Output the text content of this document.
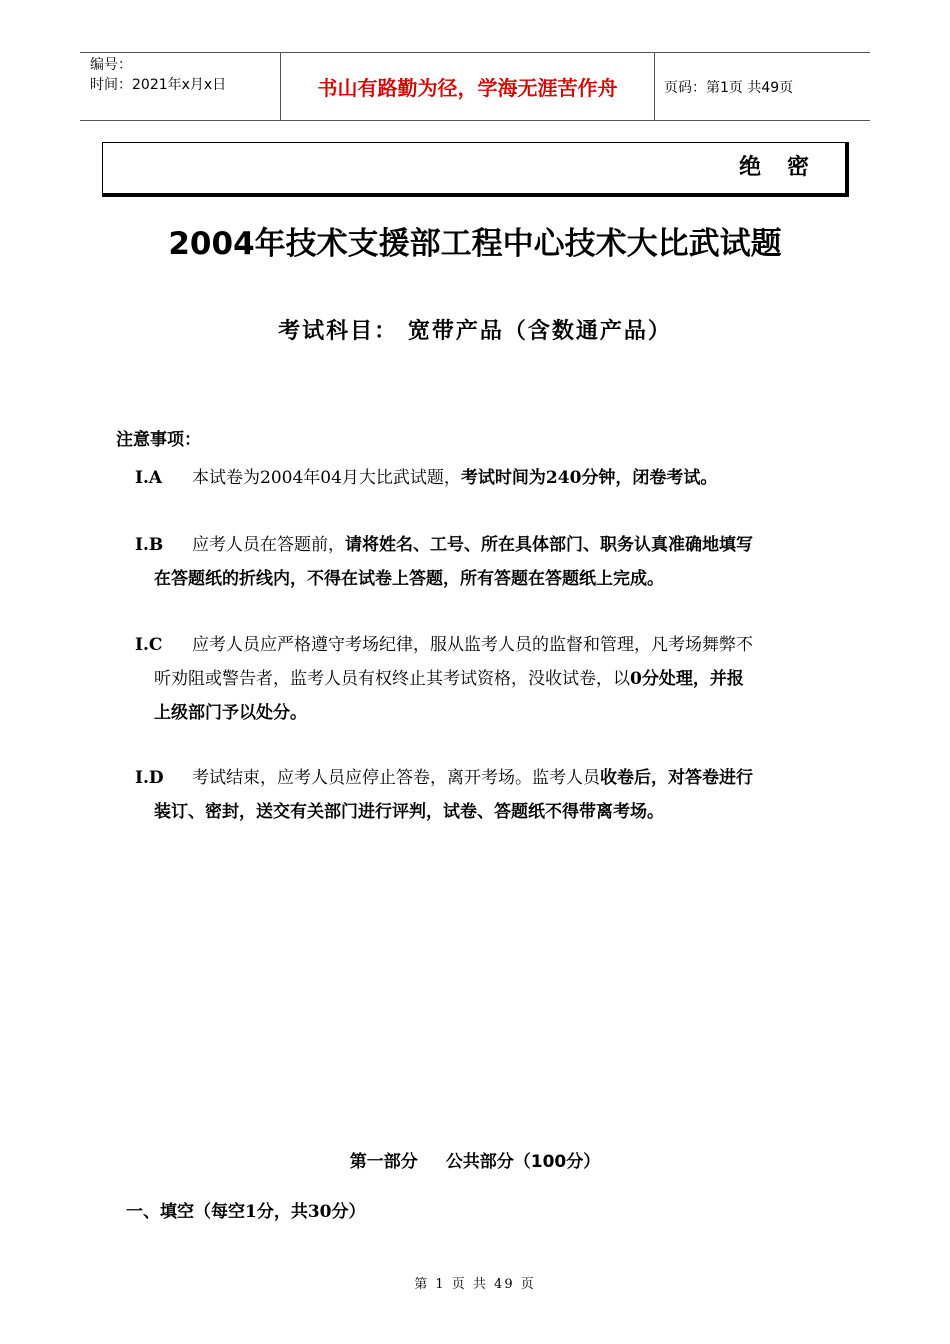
编号：
时间：2021年x月x日	书山有路勤为径，学海无涯苦作舟	页码：第1页 共49页
绝密
2004年技术支援部工程中心技术大比武试题
考试科目： 宽带产品（含数通产品）
注意事项：
I.A 本试卷为2004年04月大比武试题，考试时间为240分钟，闭卷考试。
I.B 应考人员在答题前，请将姓名、工号、所在具体部门、职务认真准确地填写
在答题纸的折线内，不得在试卷上答题，所有答题在答题纸上完成。
I.C 应考人员应严格遵守考场纪律，服从监考人员的监督和管理，凡考场舞弊不
听劝阻或警告者，监考人员有权终止其考试资格，没收试卷，以0分处理，并报
上级部门予以处分。
I.D 考试结束，应考人员应停止答卷，离开考场。监考人员收卷后，对答卷进行
装订、密封，送交有关部门进行评判，试卷、答题纸不得带离考场。
第一部分 公共部分（100分）
一、填空（每空1分，共30分）
第 1 页 共 49 页
